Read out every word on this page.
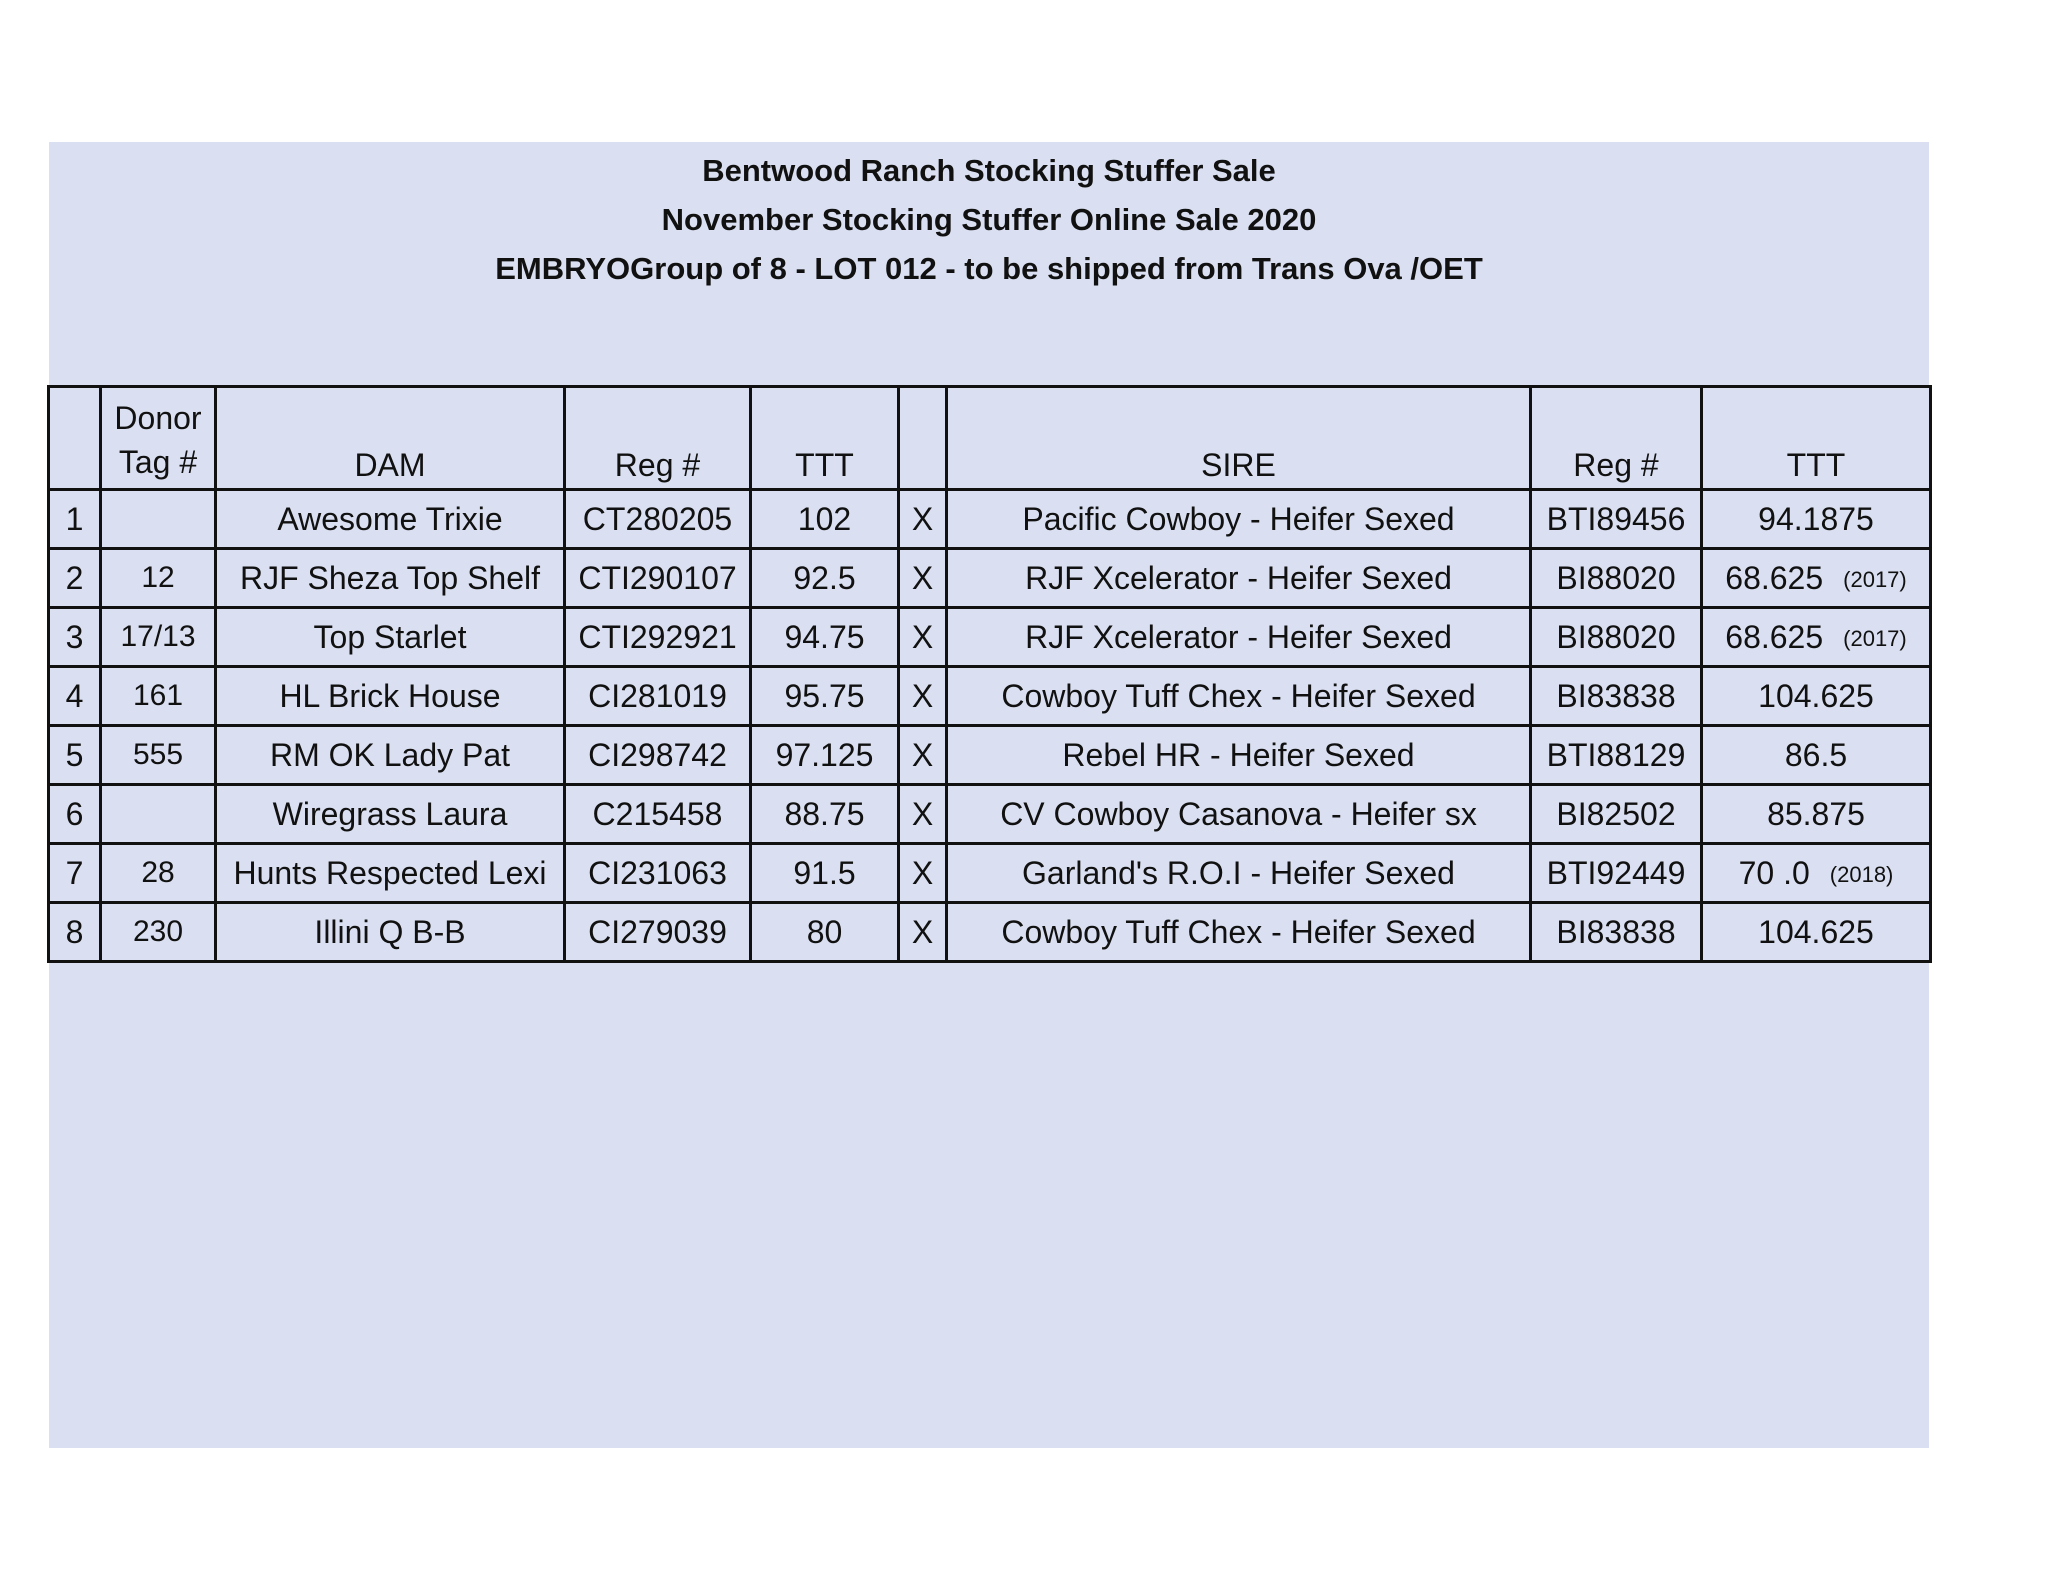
Bentwood Ranch Stocking Stuffer Sale
November Stocking Stuffer Online Sale 2020
EMBRYOGroup of 8 - LOT 012 - to be shipped from Trans Ova /OET

	Donor
Tag #	DAM	Reg #	TTT		SIRE	Reg #	TTT
1		Awesome Trixie	CT280205	102	X	Pacific Cowboy - Heifer Sexed	BTI89456	94.1875
2	12	RJF Sheza Top Shelf	CTI290107	92.5	X	RJF Xcelerator - Heifer Sexed	BI88020	68.625 (2017)
3	17/13	Top Starlet	CTI292921	94.75	X	RJF Xcelerator - Heifer Sexed	BI88020	68.625 (2017)
4	161	HL Brick House	CI281019	95.75	X	Cowboy Tuff Chex - Heifer Sexed	BI83838	104.625
5	555	RM OK Lady Pat	CI298742	97.125	X	Rebel HR - Heifer Sexed	BTI88129	86.5
6		Wiregrass Laura	C215458	88.75	X	CV Cowboy Casanova - Heifer sx	BI82502	85.875
7	28	Hunts Respected Lexi	CI231063	91.5	X	Garland's R.O.I - Heifer Sexed	BTI92449	70 .0 (2018)
8	230	Illini Q B-B	CI279039	80	X	Cowboy Tuff Chex - Heifer Sexed	BI83838	104.625
